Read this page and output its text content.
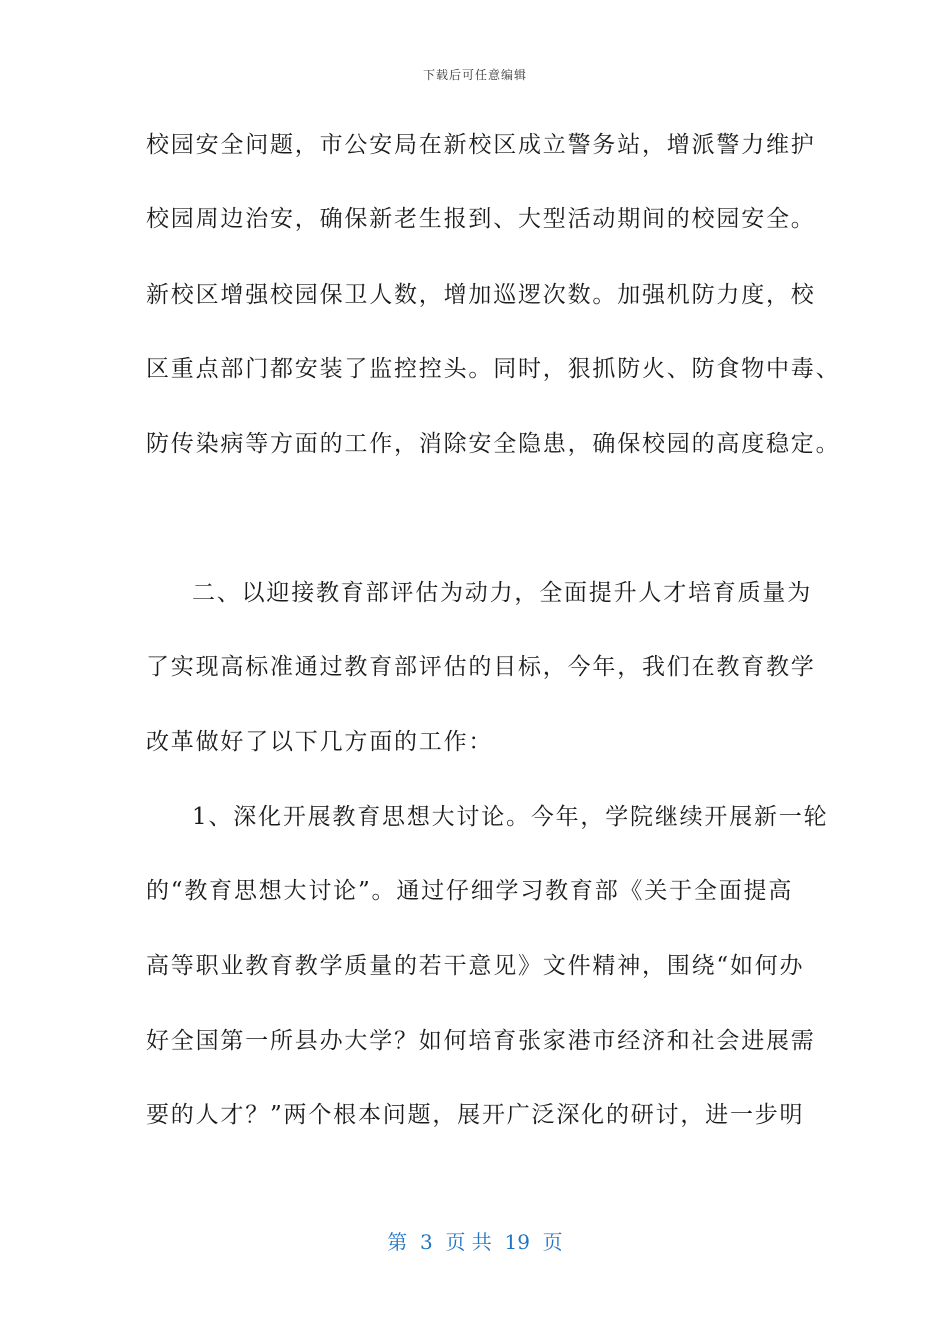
下载后可任意编辑
校园安全问题，市公安局在新校区成立警务站，增派警力维护
校园周边治安，确保新老生报到、大型活动期间的校园安全。
新校区增强校园保卫人数，增加巡逻次数。加强机防力度，校
区重点部门都安装了监控控头。同时，狠抓防火、防食物中毒、
防传染病等方面的工作，消除安全隐患，确保校园的高度稳定。
二、以迎接教育部评估为动力，全面提升人才培育质量为
了实现高标准通过教育部评估的目标，今年，我们在教育教学
改革做好了以下几方面的工作：
1、深化开展教育思想大讨论。今年，学院继续开展新一轮
的“教育思想大讨论”。通过仔细学习教育部《关于全面提高
高等职业教育教学质量的若干意见》文件精神，围绕“如何办
好全国第一所县办大学？如何培育张家港市经济和社会进展需
要的人才？”两个根本问题，展开广泛深化的研讨，进一步明
第  3  页 共  19  页
